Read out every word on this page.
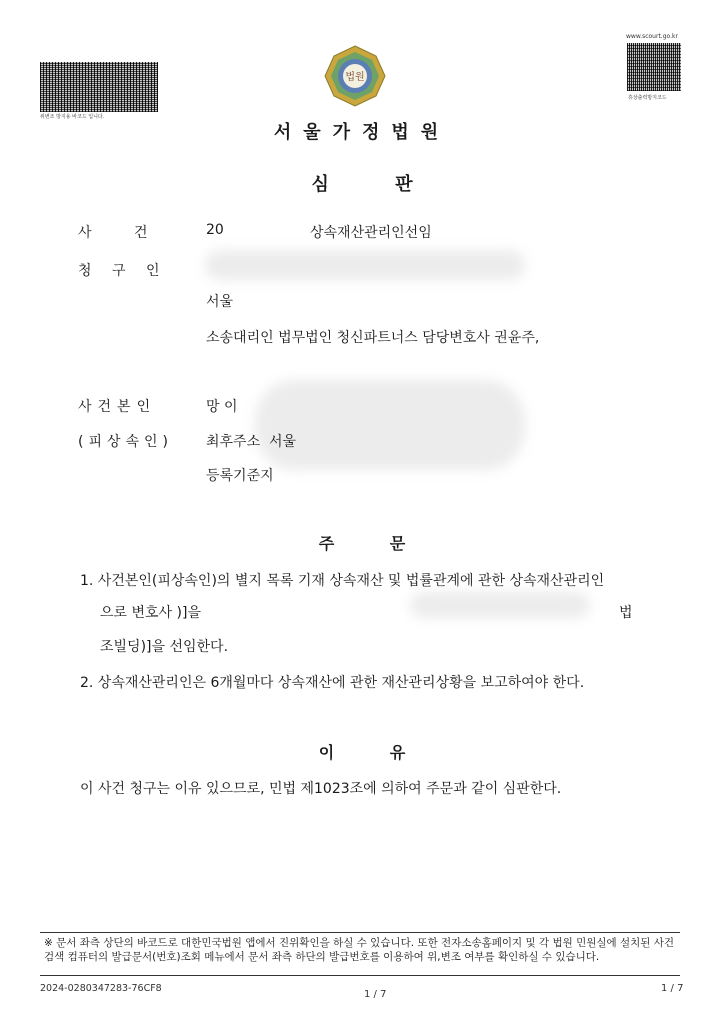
위변조 방지용 바코드 입니다.
www.scourt.go.kr
휴상출력방지코드
법원
서울가정법원
심 판
사 건	20	상속재산관리인선임
청 구 인
서울
소송대리인 법무법인 청신파트너스 담당변호사 권윤주,
사건본인	망 이
(피상속인) 최후주소  서울
등록기준지
주 문
1. 사건본인(피상속인)의 별지 목록 기재 상속재산 및 법률관계에 관한 상속재산관리인
으로 변호사 )]을	법
조빌딩)]을 선임한다.
2. 상속재산관리인은 6개월마다 상속재산에 관한 재산관리상황을 보고하여야 한다.
이 유
이 사건 청구는 이유 있으므로, 민법 제1023조에 의하여 주문과 같이 심판한다.
※ 문서 좌측 상단의 바코드로 대한민국법원 앱에서 진위확인을 하실 수 있습니다. 또한 전자소송홈페이지 및 각 법원 민원실에 설치된 사건검색 컴퓨터의 발급문서(번호)조회 메뉴에서 문서 좌측 하단의 발급번호를 이용하여 위,변조 여부를 확인하실 수 있습니다.
2024-0280347283-76CF8
1 / 7
1 / 7
